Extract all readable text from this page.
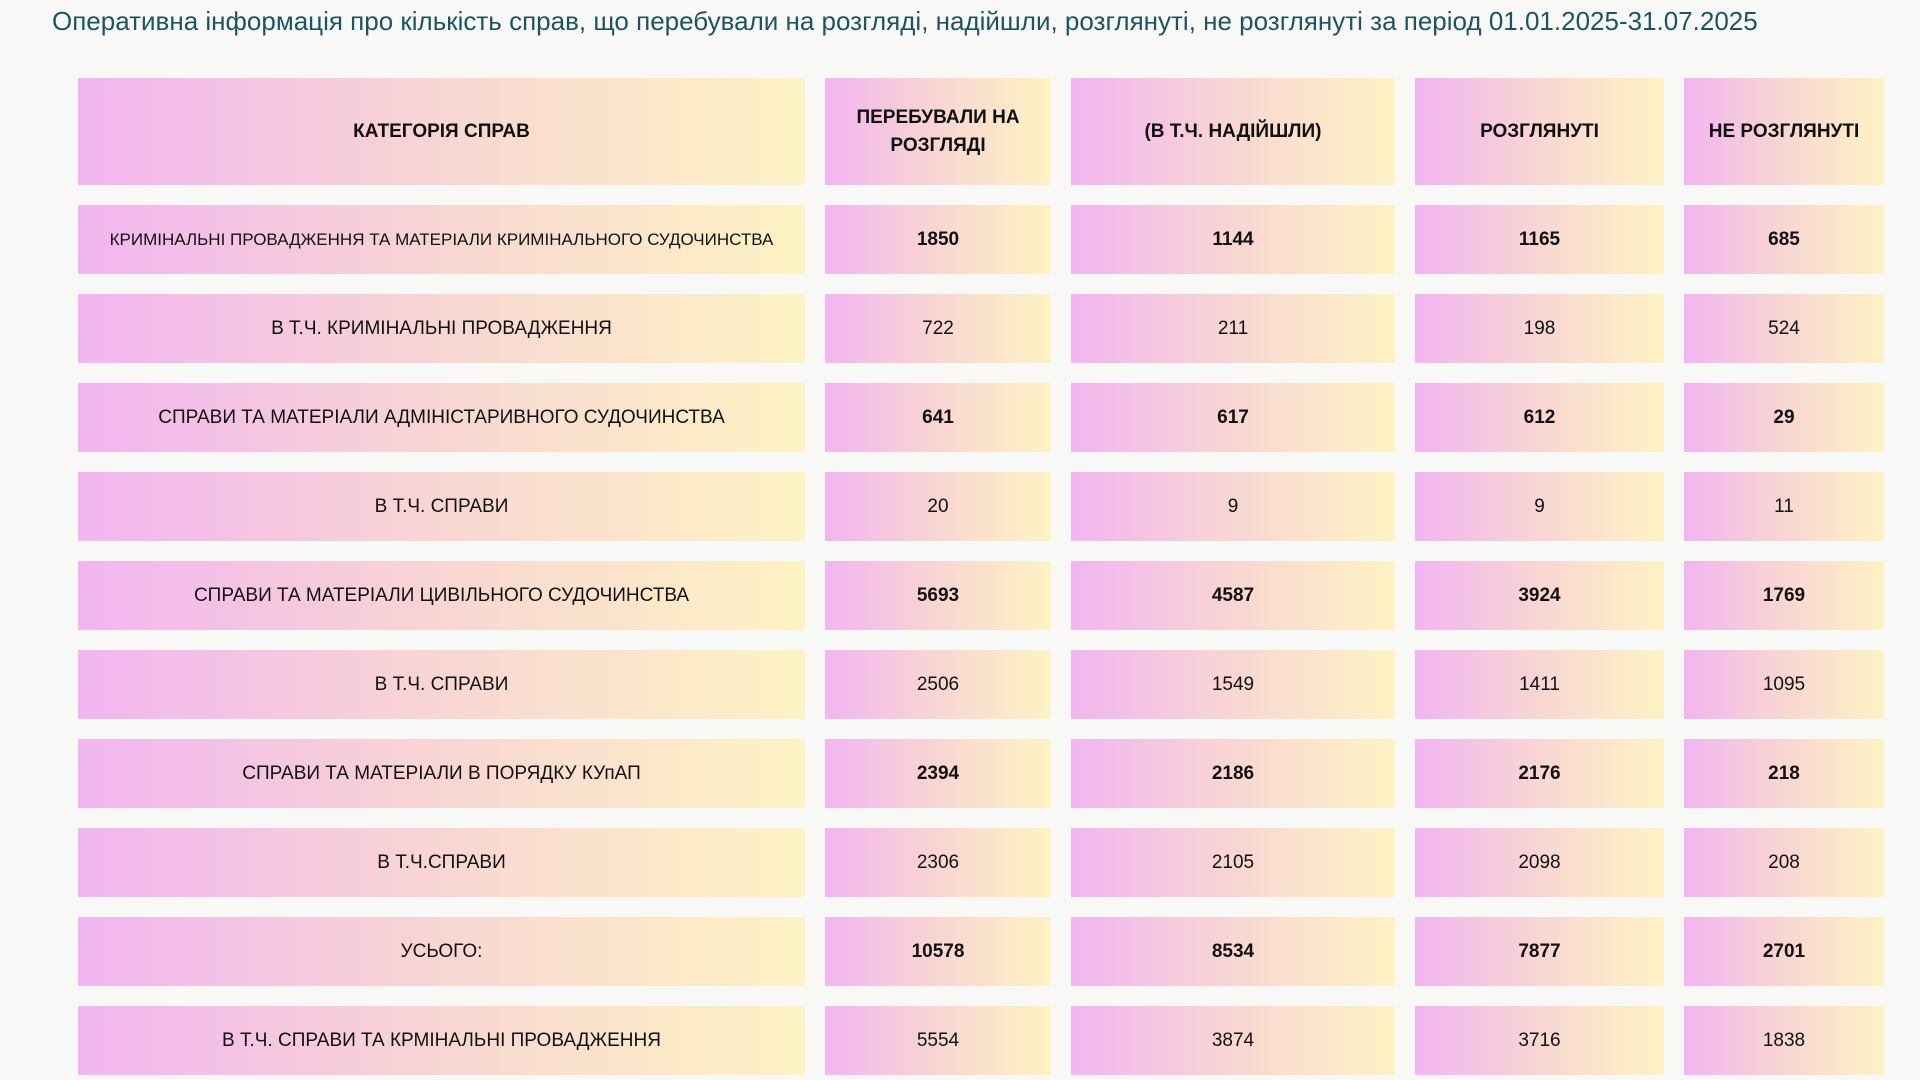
Оперативна інформація про кількість справ, що перебували на розгляді, надійшли, розглянуті, не розглянуті за період 01.01.2025-31.07.2025
КАТЕГОРІЯ СПРАВ	ПЕРЕБУВАЛИ НА РОЗГЛЯДІ	(В Т.Ч. НАДІЙШЛИ)	РОЗГЛЯНУТІ	НЕ РОЗГЛЯНУТІ
КРИМІНАЛЬНІ ПРОВАДЖЕННЯ ТА МАТЕРІАЛИ КРИМІНАЛЬНОГО СУДОЧИНСТВА	1850	1144	1165	685
В Т.Ч. КРИМІНАЛЬНІ ПРОВАДЖЕННЯ	722	211	198	524
СПРАВИ ТА МАТЕРІАЛИ АДМІНІСТАРИВНОГО СУДОЧИНСТВА	641	617	612	29
В Т.Ч. СПРАВИ	20	9	9	11
СПРАВИ ТА МАТЕРІАЛИ ЦИВІЛЬНОГО СУДОЧИНСТВА	5693	4587	3924	1769
В Т.Ч. СПРАВИ	2506	1549	1411	1095
СПРАВИ ТА МАТЕРІАЛИ В ПОРЯДКУ КУпАП	2394	2186	2176	218
В Т.Ч.СПРАВИ	2306	2105	2098	208
УСЬОГО:	10578	8534	7877	2701
В Т.Ч. СПРАВИ ТА КРМІНАЛЬНІ ПРОВАДЖЕННЯ	5554	3874	3716	1838
